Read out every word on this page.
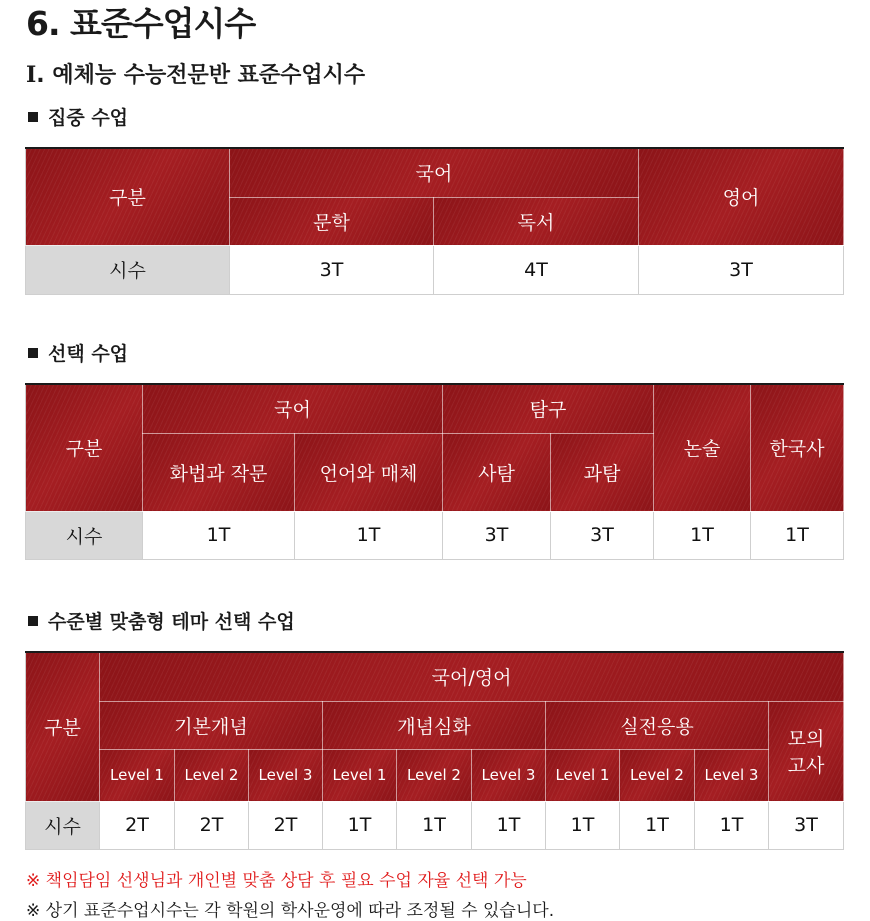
6. 표준수업시수
I. 예체능 수능전문반 표준수업시수
집중 수업
구분	국어		영어
	문학	독서	
시수	3T	4T	3T
선택 수업
구분	국어		탐구		논술	한국사
	화법과 작문	언어와 매체	사탐	과탐		
시수	1T	1T	3T	3T	1T	1T
수준별 맞춤형 테마 선택 수업
구분	국어/영어									
	기본개념			개념심화			실전응용			모의
고사
	Level 1	Level 2	Level 3	Level 1	Level 2	Level 3	Level 1	Level 2	Level 3	
시수	2T	2T	2T	1T	1T	1T	1T	1T	1T	3T

※ 책임담임 선생님과 개인별 맞춤 상담 후 필요 수업 자율 선택 가능

※ 상기 표준수업시수는 각 학원의 학사운영에 따라 조정될 수 있습니다.
